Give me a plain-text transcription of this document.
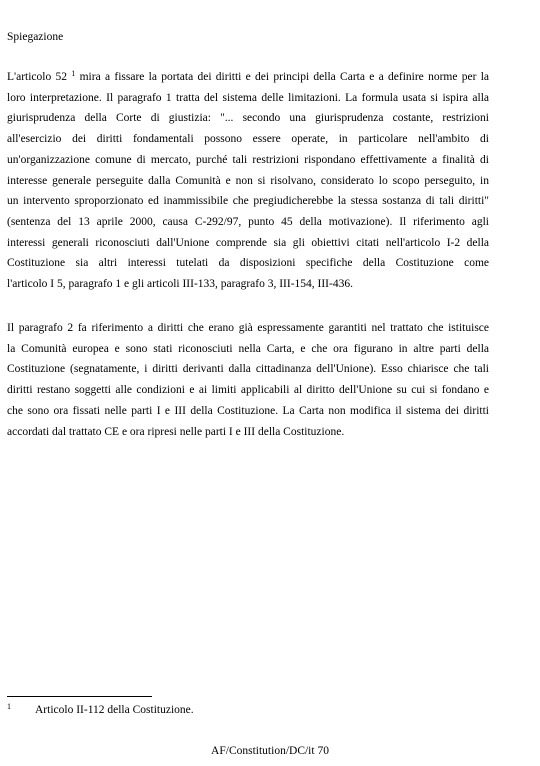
Spiegazione
L'articolo 52 $^1$ mira a fissare la portata dei diritti e dei principi della Carta e a definire norme per la
loro interpretazione. Il paragrafo 1 tratta del sistema delle limitazioni. La formula usata si ispira alla
giurisprudenza della Corte di giustizia: "... secondo una giurisprudenza costante, restrizioni
all'esercizio dei diritti fondamentali possono essere operate, in particolare nell'ambito di
un'organizzazione comune di mercato, purché tali restrizioni rispondano effettivamente a finalità di
interesse generale perseguite dalla Comunità e non si risolvano, considerato lo scopo perseguito, in
un intervento sproporzionato ed inammissibile che pregiudicherebbe la stessa sostanza di tali diritti"
(sentenza del 13 aprile 2000, causa C-292/97, punto 45 della motivazione). Il riferimento agli
interessi generali riconosciuti dall'Unione comprende sia gli obiettivi citati nell'articolo I-2 della
Costituzione sia altri interessi tutelati da disposizioni specifiche della Costituzione come
l'articolo I 5, paragrafo 1 e gli articoli III-133, paragrafo 3, III-154, III-436.
Il paragrafo 2 fa riferimento a diritti che erano già espressamente garantiti nel trattato che istituisce
la Comunità europea e sono stati riconosciuti nella Carta, e che ora figurano in altre parti della
Costituzione (segnatamente, i diritti derivanti dalla cittadinanza dell'Unione). Esso chiarisce che tali
diritti restano soggetti alle condizioni e ai limiti applicabili al diritto dell'Unione su cui si fondano e
che sono ora fissati nelle parti I e III della Costituzione. La Carta non modifica il sistema dei diritti
accordati dal trattato CE e ora ripresi nelle parti I e III della Costituzione.
1 Articolo II-112 della Costituzione.
AF/Constitution/DC/it 70
